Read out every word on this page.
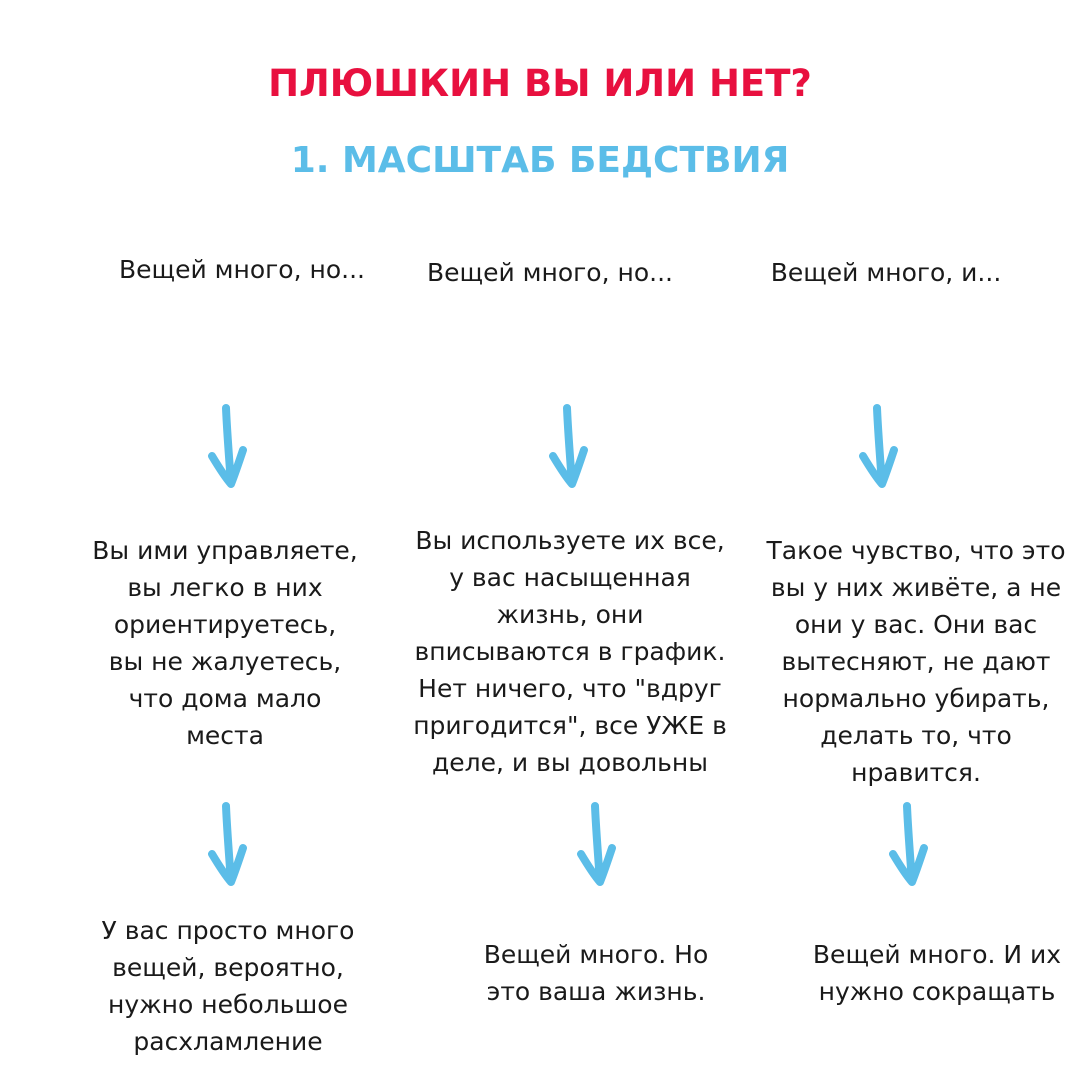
ПЛЮШКИН ВЫ ИЛИ НЕТ?
1. МАСШТАБ БЕДСТВИЯ

Вещей много, но...

Вы ими управляете,
вы легко в них
ориентируетесь,
вы не жалуетесь,
что дома мало
места

У вас просто много
вещей, вероятно,
нужно небольшое
расхламление

Вещей много, но...

Вы используете их все,
у вас насыщенная
жизнь, они
вписываются в график.
Нет ничего, что "вдруг
пригодится", все УЖЕ в
деле, и вы довольны

Вещей много. Но
это ваша жизнь.

Вещей много, и...

Такое чувство, что это
вы у них живёте, а не
они у вас. Они вас
вытесняют, не дают
нормально убирать,
делать то, что нравится.

Вещей много. И их
нужно сокращать
